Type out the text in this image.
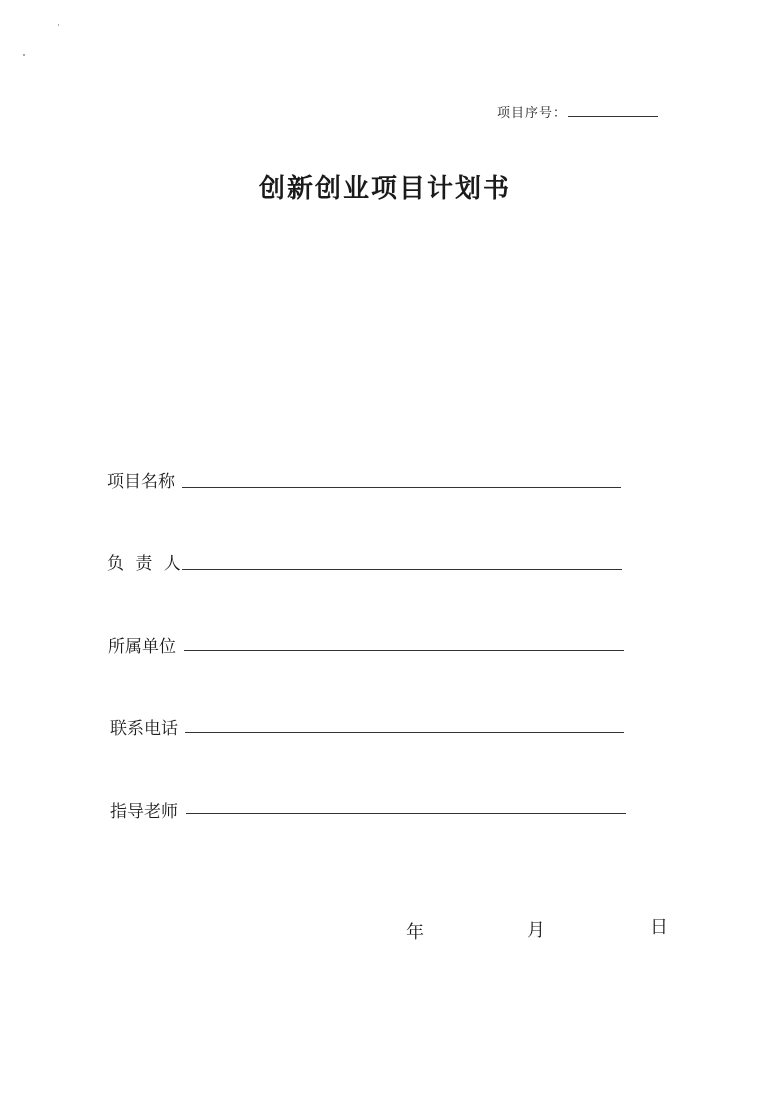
项目序号：
创新创业项目计划书
项目名称
负 责 人
所属单位
联系电话
指导老师
年	月	日
